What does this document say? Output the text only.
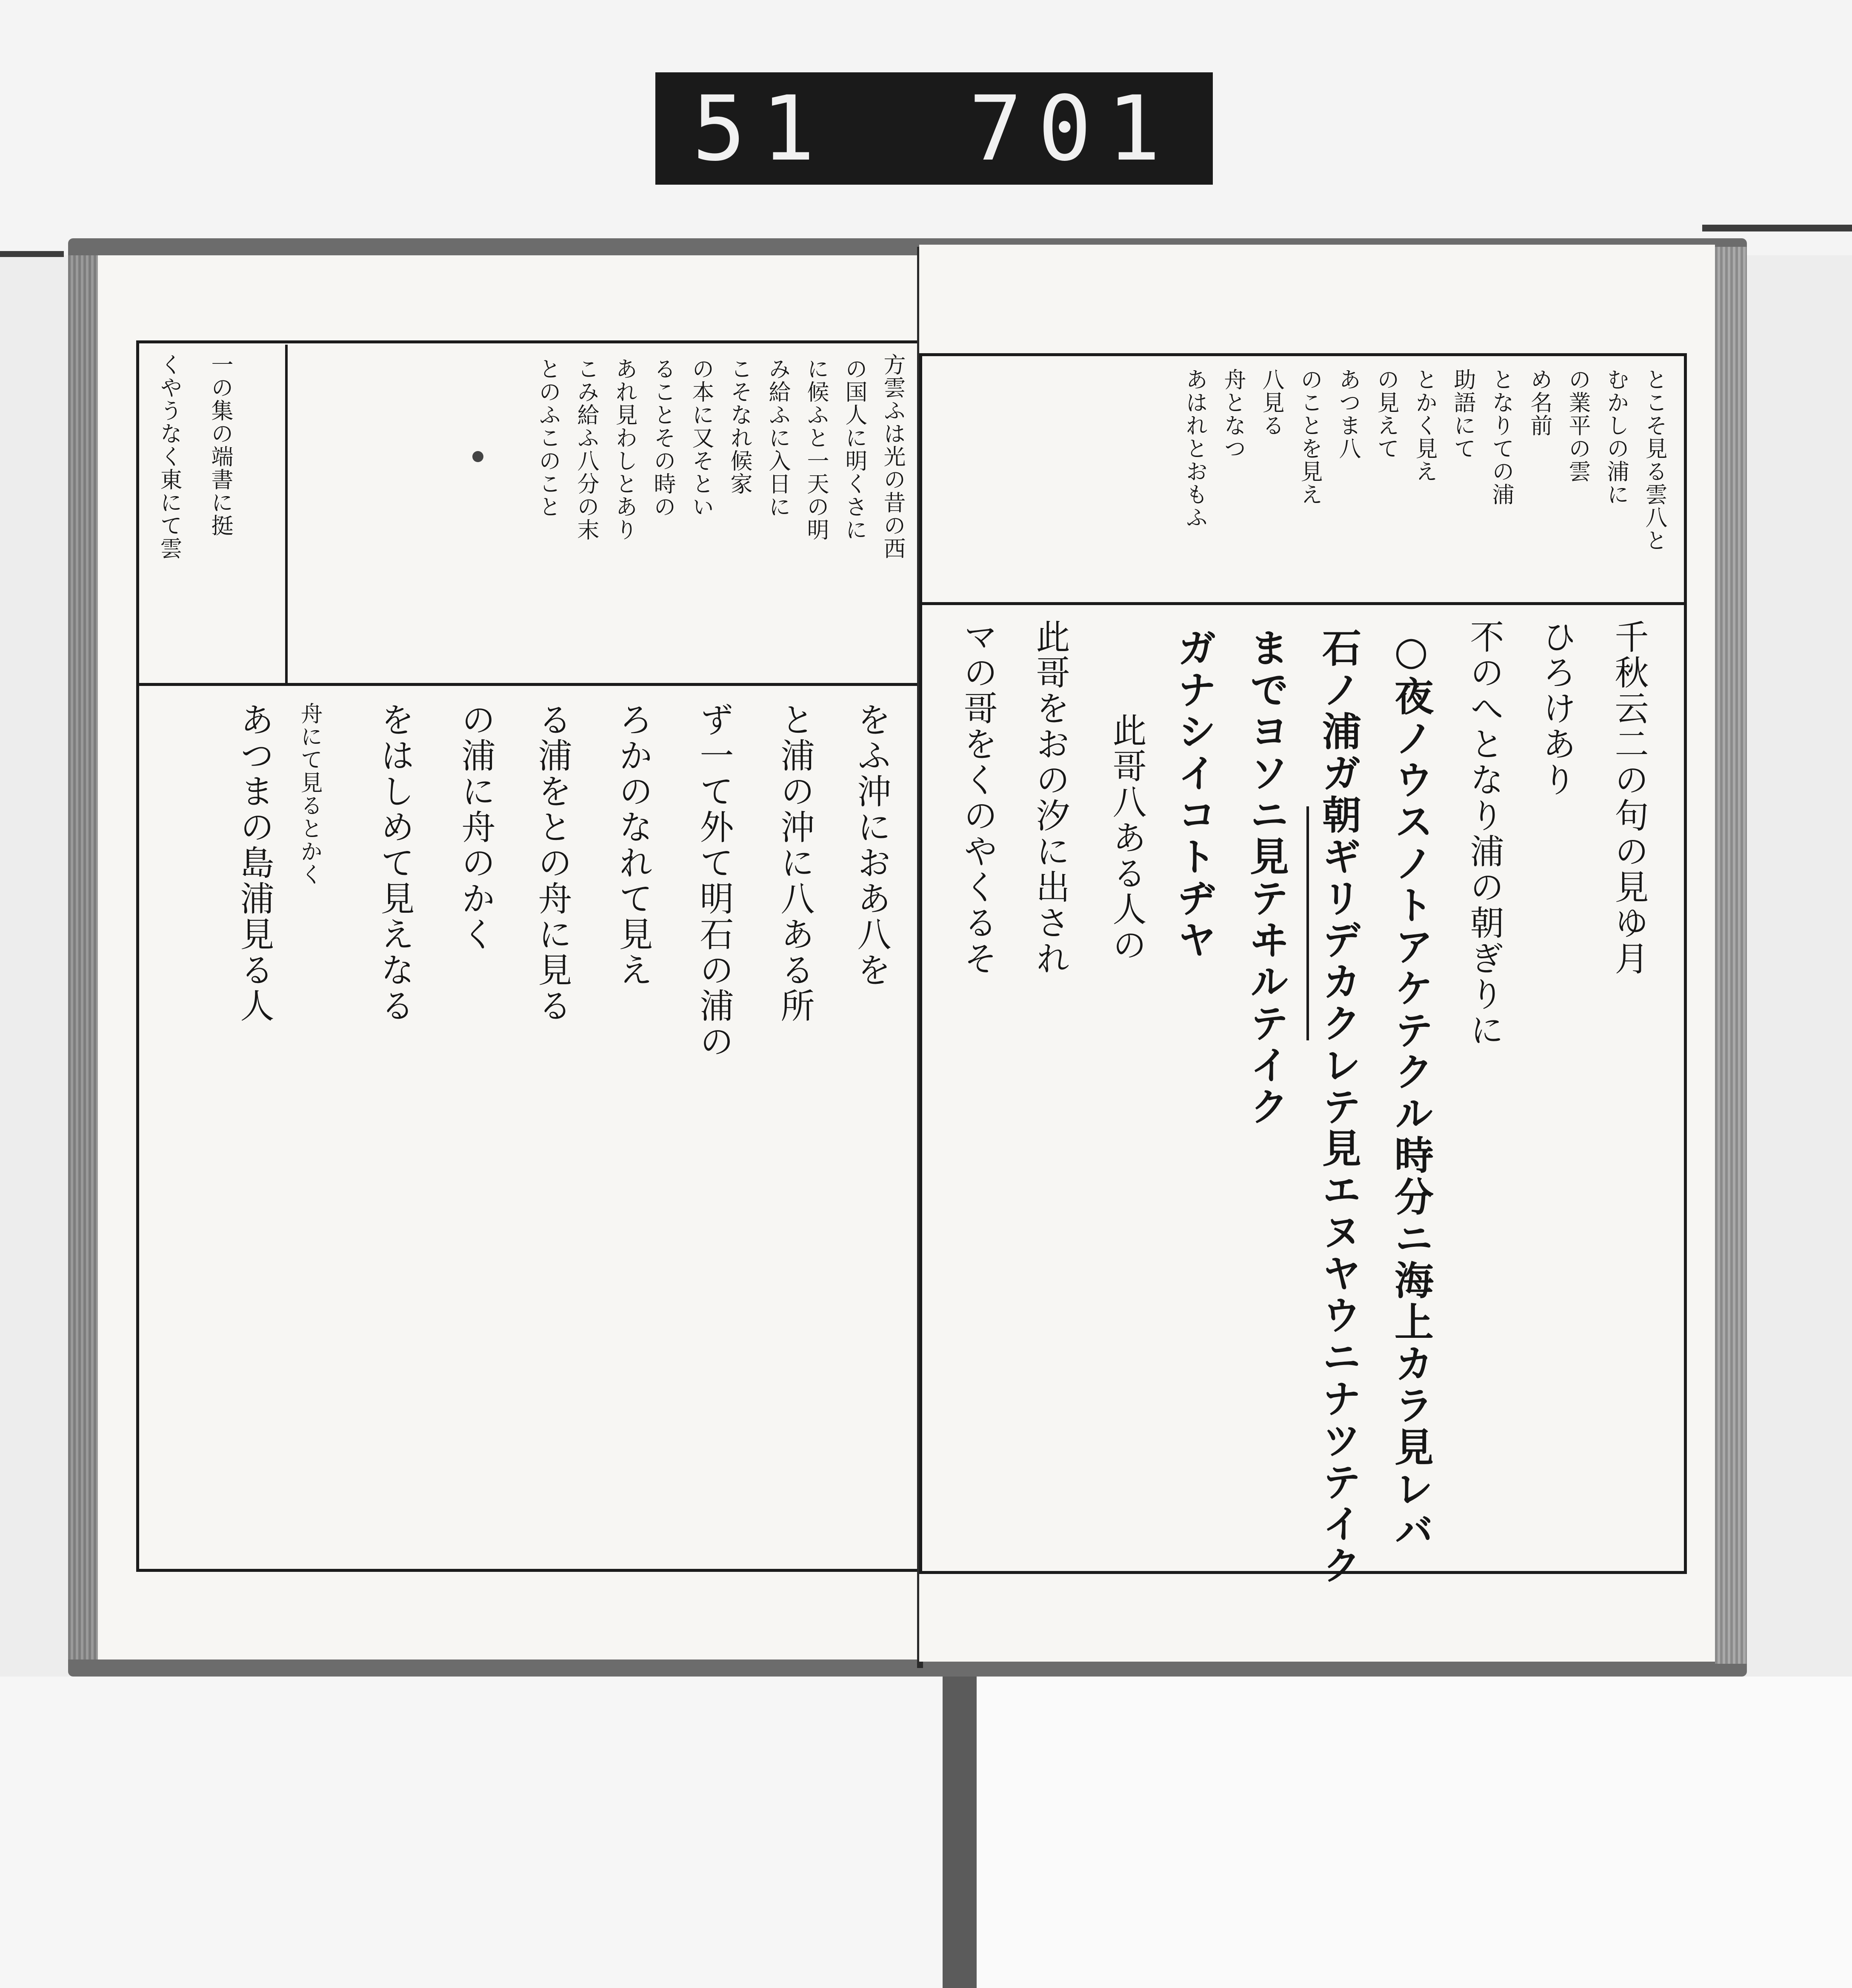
51  701
くやうなく東にて雲 一の集の端書に挺	方雲ふは光の昔の西
の国人に明くさに
に候ふと一天の明
み給ふに入日に
こそなれ候家
の本に又そとい
ることその時の
あれ見わしとあり
こみ給ふ八分の末
とのふこのこと
をふ沖におあ八を
と浦の沖に八ある所
ず一て外て明石の浦の
ろかのなれて見え
る浦をとの舟に見る
の浦に舟のかく
をはしめて見えなる
あつまの島浦見る人 舟にて見るとかく
とこそ見る雲八と
むかしの浦に
の業平の雲
め名前
となりての浦
助語にて
とかく見え
の見えて
あつま八
のことを見え
八見る
舟となつ
あはれとおもふ
千秋云二の句の見ゆ月
ひろけあり
不のへとなり浦の朝ぎりに
○夜ノウスノトアケテクル時分ニ海上カラ見レバ
石ノ浦ガ朝ギリデカクレテ見エヌヤウニナツテイク
までヨソニ見テヰルテイク
ガナシイコトヂヤ
此哥八ある人の
此哥をおの汐に出され
マの哥をくのやくるそ
